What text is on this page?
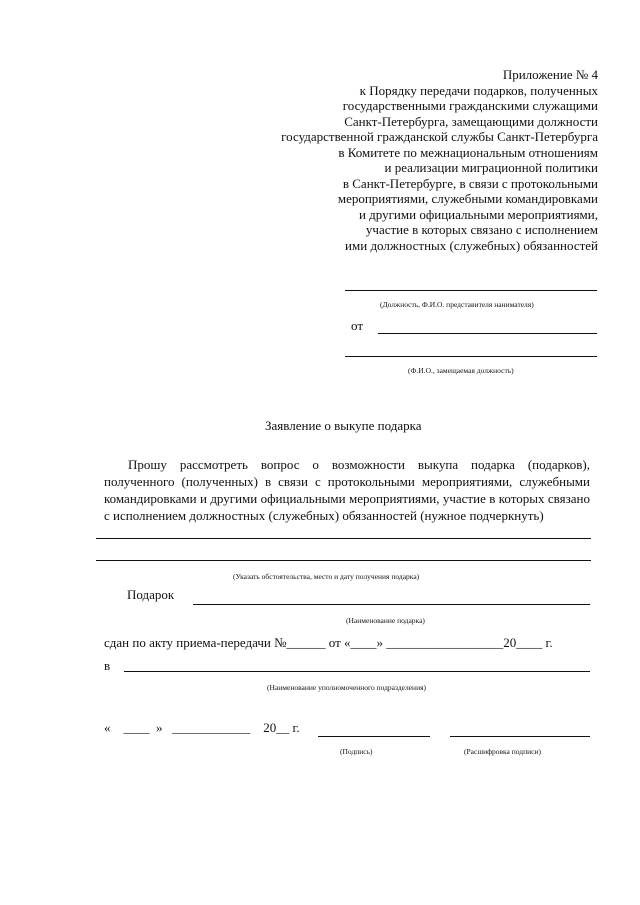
Приложение № 4
к Порядку передачи подарков, полученных
государственными гражданскими служащими
Санкт-Петербурга, замещающими должности
государственной гражданской службы Санкт-Петербурга
в Комитете по межнациональным отношениям
и реализации миграционной политики
в Санкт-Петербурге, в связи с протокольными
мероприятиями, служебными командировками
и другими официальными мероприятиями,
участие в которых связано с исполнением
ими должностных (служебных) обязанностей
(Должность, Ф.И.О. представителя нанимателя)
от
(Ф.И.О., замещаемая должность)
Заявление о выкупе подарка
Прошу рассмотреть вопрос о возможности выкупа подарка (подарков),
полученного (полученных) в связи с протокольными мероприятиями, служебными
командировками и другими официальными мероприятиями, участие в которых связано
с исполнением должностных (служебных) обязанностей (нужное подчеркнуть)
(Указать обстоятельства, место и дату получения подарка)
Подарок
(Наименование подарка)
сдан по акту приема-передачи №______ от «____» __________________20____ г.
в
(Наименование уполномоченного подразделения)
« ____ » ____________ 20__ г.
(Подпись)	(Расшифровка подписи)
